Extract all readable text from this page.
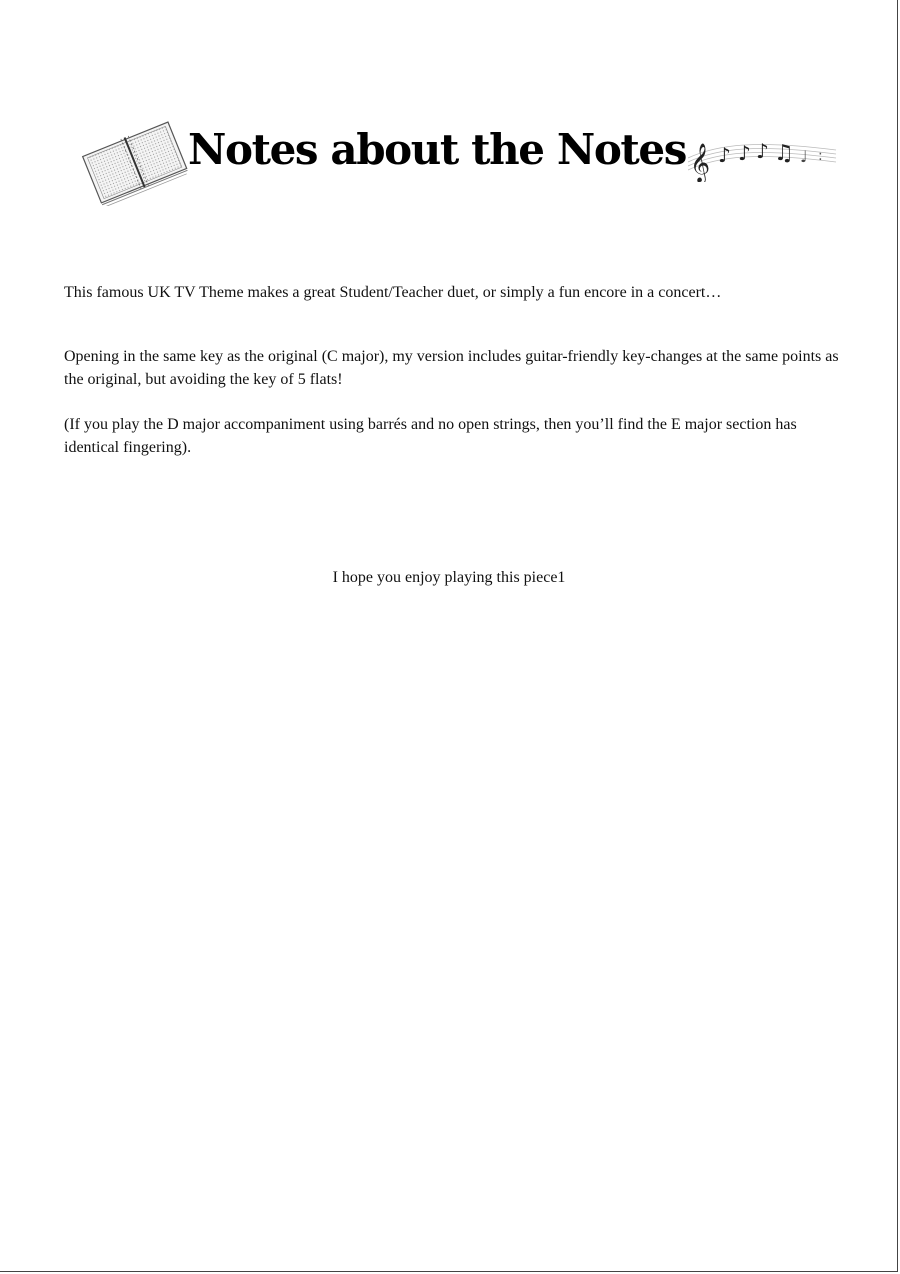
Notes about the Notes 𝄞 ♪ ♪ ♪ ♫ ♩ :

This famous UK TV Theme makes a great Student/Teacher duet, or simply a fun encore in a concert…

Opening in the same key as the original (C major), my version includes guitar-friendly key-changes at the same points as the original, but avoiding the key of 5 flats!

(If you play the D major accompaniment using barrés and no open strings, then you’ll find the E major section has identical fingering).

I hope you enjoy playing this piece1
